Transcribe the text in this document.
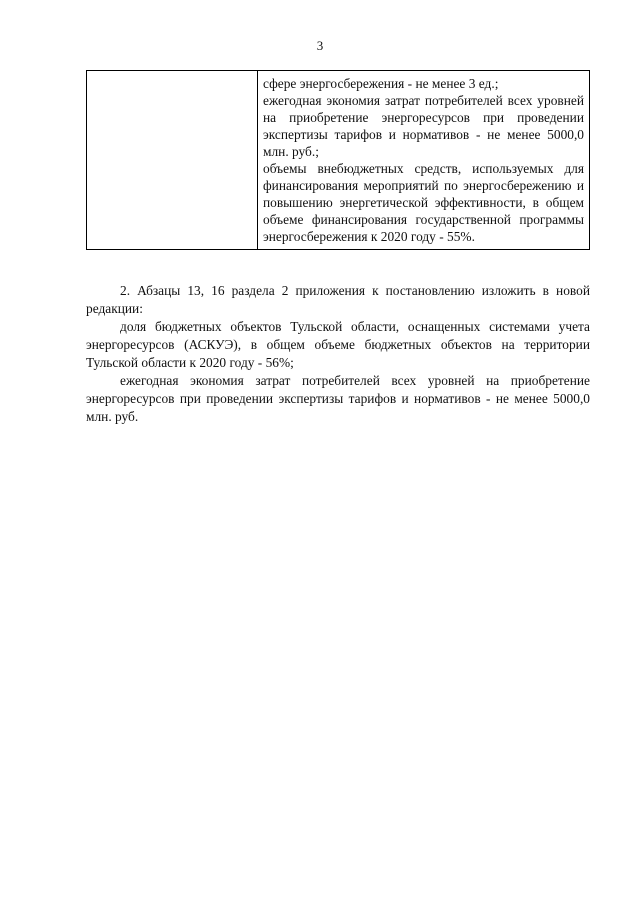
3

сфере энергосбережения - не менее 3 ед.;
ежегодная экономия затрат потребителей всех уровней на приобретение энергоресурсов при проведении экспертизы тарифов и нормативов - не менее 5000,0 млн. руб.;
объемы внебюджетных средств, используемых для финансирования мероприятий по энергосбережению и повышению энергетической эффективности, в общем объеме финансирования государственной программы энергосбережения к 2020 году - 55%.

2. Абзацы 13, 16 раздела 2 приложения к постановлению изложить в новой редакции:

доля бюджетных объектов Тульской области, оснащенных системами учета энергоресурсов (АСКУЭ), в общем объеме бюджетных объектов на территории Тульской области к 2020 году - 56%;

ежегодная экономия затрат потребителей всех уровней на приобретение энергоресурсов при проведении экспертизы тарифов и нормативов - не менее 5000,0 млн. руб.
